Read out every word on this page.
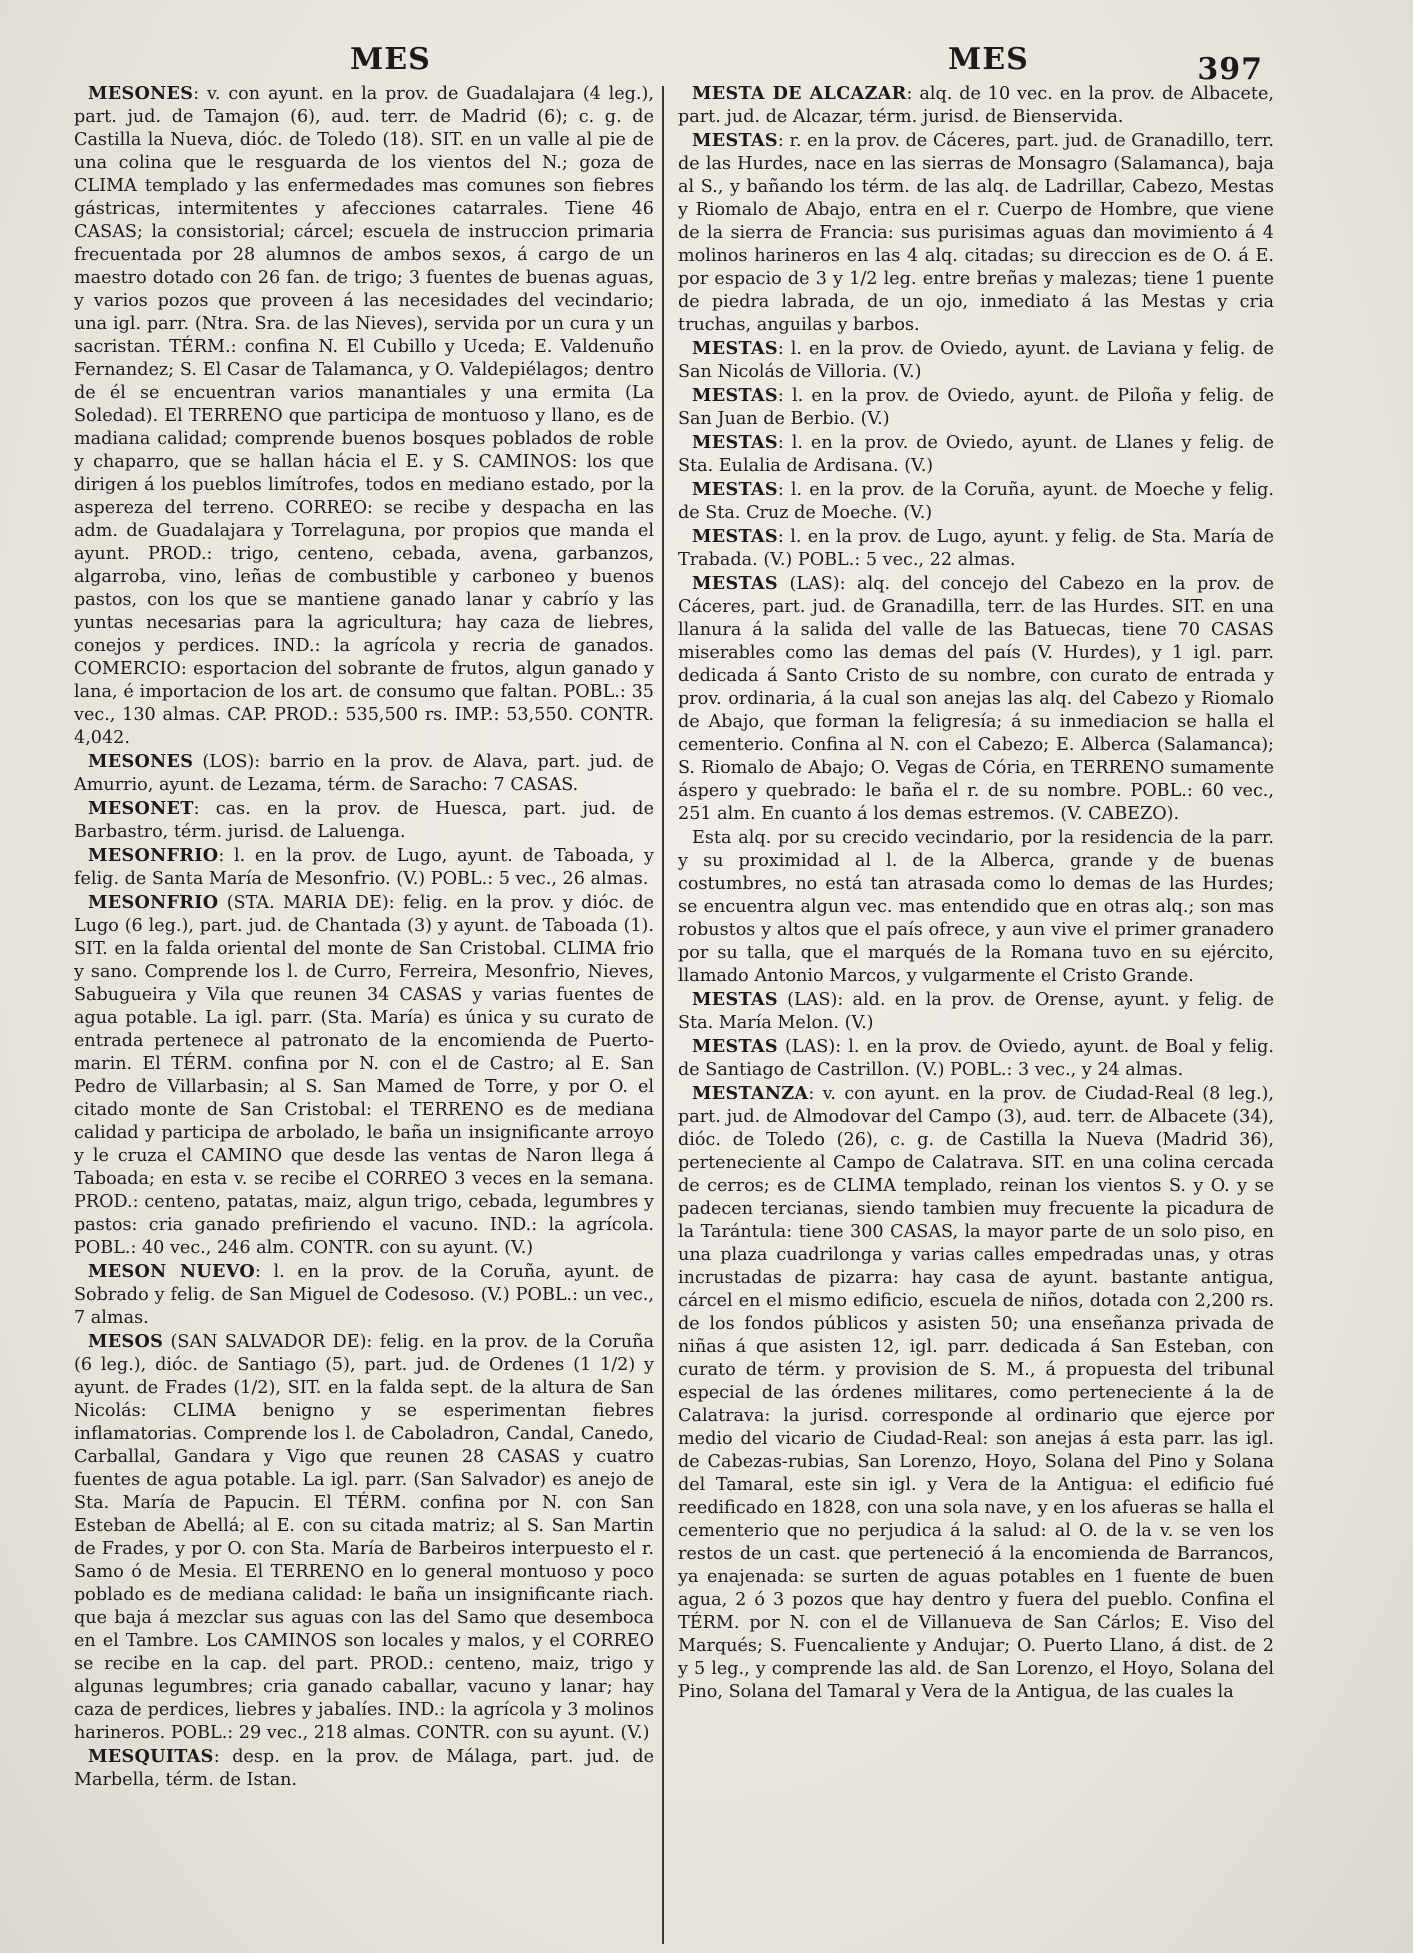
MES	MES	397

MESONES: v. con ayunt. en la prov. de Guadalajara (4 leg.), part. jud. de Tamajon (6), aud. terr. de Madrid (6); c. g. de Castilla la Nueva, dióc. de Toledo (18). SIT. en un valle al pie de una colina que le resguarda de los vientos del N.; goza de CLIMA templado y las enfermedades mas comunes son fiebres gástricas, intermitentes y afecciones catarrales. Tiene 46 CASAS; la consistorial; cárcel; escuela de instruccion primaria frecuentada por 28 alumnos de ambos sexos, á cargo de un maestro dotado con 26 fan. de trigo; 3 fuentes de buenas aguas, y varios pozos que proveen á las necesidades del vecindario; una igl. parr. (Ntra. Sra. de las Nieves), servida por un cura y un sacristan. TÉRM.: confina N. El Cubillo y Uceda; E. Valdenuño Fernandez; S. El Casar de Talamanca, y O. Valdepiélagos; dentro de él se encuentran varios manantiales y una ermita (La Soledad). El TERRENO que participa de montuoso y llano, es de madiana calidad; comprende buenos bosques poblados de roble y chaparro, que se hallan hácia el E. y S. CAMINOS: los que dirigen á los pueblos limítrofes, todos en mediano estado, por la aspereza del terreno. CORREO: se recibe y despacha en las adm. de Guadalajara y Torrelaguna, por propios que manda el ayunt. PROD.: trigo, centeno, cebada, avena, garbanzos, algarroba, vino, leñas de combustible y carboneo y buenos pastos, con los que se mantiene ganado lanar y cabrío y las yuntas necesarias para la agricultura; hay caza de liebres, conejos y perdices. IND.: la agrícola y recria de ganados. COMERCIO: esportacion del sobrante de frutos, algun ganado y lana, é importacion de los art. de consumo que faltan. POBL.: 35 vec., 130 almas. CAP. PROD.: 535,500 rs. IMP.: 53,550. CONTR. 4,042.

MESONES (LOS): barrio en la prov. de Alava, part. jud. de Amurrio, ayunt. de Lezama, térm. de Saracho: 7 CASAS.

MESONET: cas. en la prov. de Huesca, part. jud. de Barbastro, térm. jurisd. de Laluenga.

MESONFRIO: l. en la prov. de Lugo, ayunt. de Taboada, y felig. de Santa María de Mesonfrio. (V.) POBL.: 5 vec., 26 almas.

MESONFRIO (STA. MARIA DE): felig. en la prov. y dióc. de Lugo (6 leg.), part. jud. de Chantada (3) y ayunt. de Taboada (1). SIT. en la falda oriental del monte de San Cristobal. CLIMA frio y sano. Comprende los l. de Curro, Ferreira, Mesonfrio, Nieves, Sabugueira y Vila que reunen 34 CASAS y varias fuentes de agua potable. La igl. parr. (Sta. María) es única y su curato de entrada pertenece al patronato de la encomienda de Puerto-marin. El TÉRM. confina por N. con el de Castro; al E. San Pedro de Villarbasin; al S. San Mamed de Torre, y por O. el citado monte de San Cristobal: el TERRENO es de mediana calidad y participa de arbolado, le baña un insignificante arroyo y le cruza el CAMINO que desde las ventas de Naron llega á Taboada; en esta v. se recibe el CORREO 3 veces en la semana. PROD.: centeno, patatas, maiz, algun trigo, cebada, legumbres y pastos: cria ganado prefiriendo el vacuno. IND.: la agrícola. POBL.: 40 vec., 246 alm. CONTR. con su ayunt. (V.)

MESON NUEVO: l. en la prov. de la Coruña, ayunt. de Sobrado y felig. de San Miguel de Codesoso. (V.) POBL.: un vec., 7 almas.

MESOS (SAN SALVADOR DE): felig. en la prov. de la Coruña (6 leg.), dióc. de Santiago (5), part. jud. de Ordenes (1 1/2) y ayunt. de Frades (1/2), SIT. en la falda sept. de la altura de San Nicolás: CLIMA benigno y se esperimentan fiebres inflamatorias. Comprende los l. de Caboladron, Candal, Canedo, Carballal, Gandara y Vigo que reunen 28 CASAS y cuatro fuentes de agua potable. La igl. parr. (San Salvador) es anejo de Sta. María de Papucin. El TÉRM. confina por N. con San Esteban de Abellá; al E. con su citada matriz; al S. San Martin de Frades, y por O. con Sta. María de Barbeiros interpuesto el r. Samo ó de Mesia. El TERRENO en lo general montuoso y poco poblado es de mediana calidad: le baña un insignificante riach. que baja á mezclar sus aguas con las del Samo que desemboca en el Tambre. Los CAMINOS son locales y malos, y el CORREO se recibe en la cap. del part. PROD.: centeno, maiz, trigo y algunas legumbres; cria ganado caballar, vacuno y lanar; hay caza de perdices, liebres y jabalíes. IND.: la agrícola y 3 molinos harineros. POBL.: 29 vec., 218 almas. CONTR. con su ayunt. (V.)

MESQUITAS: desp. en la prov. de Málaga, part. jud. de Marbella, térm. de Istan.

MESTA DE ALCAZAR: alq. de 10 vec. en la prov. de Albacete, part. jud. de Alcazar, térm. jurisd. de Bienservida.

MESTAS: r. en la prov. de Cáceres, part. jud. de Granadillo, terr. de las Hurdes, nace en las sierras de Monsagro (Salamanca), baja al S., y bañando los térm. de las alq. de Ladrillar, Cabezo, Mestas y Riomalo de Abajo, entra en el r. Cuerpo de Hombre, que viene de la sierra de Francia: sus purisimas aguas dan movimiento á 4 molinos harineros en las 4 alq. citadas; su direccion es de O. á E. por espacio de 3 y 1/2 leg. entre breñas y malezas; tiene 1 puente de piedra labrada, de un ojo, inmediato á las Mestas y cria truchas, anguilas y barbos.

MESTAS: l. en la prov. de Oviedo, ayunt. de Laviana y felig. de San Nicolás de Villoria. (V.)

MESTAS: l. en la prov. de Oviedo, ayunt. de Piloña y felig. de San Juan de Berbio. (V.)

MESTAS: l. en la prov. de Oviedo, ayunt. de Llanes y felig. de Sta. Eulalia de Ardisana. (V.)

MESTAS: l. en la prov. de la Coruña, ayunt. de Moeche y felig. de Sta. Cruz de Moeche. (V.)

MESTAS: l. en la prov. de Lugo, ayunt. y felig. de Sta. María de Trabada. (V.) POBL.: 5 vec., 22 almas.

MESTAS (LAS): alq. del concejo del Cabezo en la prov. de Cáceres, part. jud. de Granadilla, terr. de las Hurdes. SIT. en una llanura á la salida del valle de las Batuecas, tiene 70 CASAS miserables como las demas del país (V. Hurdes), y 1 igl. parr. dedicada á Santo Cristo de su nombre, con curato de entrada y prov. ordinaria, á la cual son anejas las alq. del Cabezo y Riomalo de Abajo, que forman la feligresía; á su inmediacion se halla el cementerio. Confina al N. con el Cabezo; E. Alberca (Salamanca); S. Riomalo de Abajo; O. Vegas de Cória, en TERRENO sumamente áspero y quebrado: le baña el r. de su nombre. POBL.: 60 vec., 251 alm. En cuanto á los demas estremos. (V. CABEZO).

Esta alq. por su crecido vecindario, por la residencia de la parr. y su proximidad al l. de la Alberca, grande y de buenas costumbres, no está tan atrasada como lo demas de las Hurdes; se encuentra algun vec. mas entendido que en otras alq.; son mas robustos y altos que el país ofrece, y aun vive el primer granadero por su talla, que el marqués de la Romana tuvo en su ejército, llamado Antonio Marcos, y vulgarmente el Cristo Grande.

MESTAS (LAS): ald. en la prov. de Orense, ayunt. y felig. de Sta. María Melon. (V.)

MESTAS (LAS): l. en la prov. de Oviedo, ayunt. de Boal y felig. de Santiago de Castrillon. (V.) POBL.: 3 vec., y 24 almas.

MESTANZA: v. con ayunt. en la prov. de Ciudad-Real (8 leg.), part. jud. de Almodovar del Campo (3), aud. terr. de Albacete (34), dióc. de Toledo (26), c. g. de Castilla la Nueva (Madrid 36), perteneciente al Campo de Calatrava. SIT. en una colina cercada de cerros; es de CLIMA templado, reinan los vientos S. y O. y se padecen tercianas, siendo tambien muy frecuente la picadura de la Tarántula: tiene 300 CASAS, la mayor parte de un solo piso, en una plaza cuadrilonga y varias calles empedradas unas, y otras incrustadas de pizarra: hay casa de ayunt. bastante antigua, cárcel en el mismo edificio, escuela de niños, dotada con 2,200 rs. de los fondos públicos y asisten 50; una enseñanza privada de niñas á que asisten 12, igl. parr. dedicada á San Esteban, con curato de térm. y provision de S. M., á propuesta del tribunal especial de las órdenes militares, como perteneciente á la de Calatrava: la jurisd. corresponde al ordinario que ejerce por medio del vicario de Ciudad-Real: son anejas á esta parr. las igl. de Cabezas-rubias, San Lorenzo, Hoyo, Solana del Pino y Solana del Tamaral, este sin igl. y Vera de la Antigua: el edificio fué reedificado en 1828, con una sola nave, y en los afueras se halla el cementerio que no perjudica á la salud: al O. de la v. se ven los restos de un cast. que perteneció á la encomienda de Barrancos, ya enajenada: se surten de aguas potables en 1 fuente de buen agua, 2 ó 3 pozos que hay dentro y fuera del pueblo. Confina el TÉRM. por N. con el de Villanueva de San Cárlos; E. Viso del Marqués; S. Fuencaliente y Andujar; O. Puerto Llano, á dist. de 2 y 5 leg., y comprende las ald. de San Lorenzo, el Hoyo, Solana del Pino, Solana del Tamaral y Vera de la Antigua, de las cuales la
